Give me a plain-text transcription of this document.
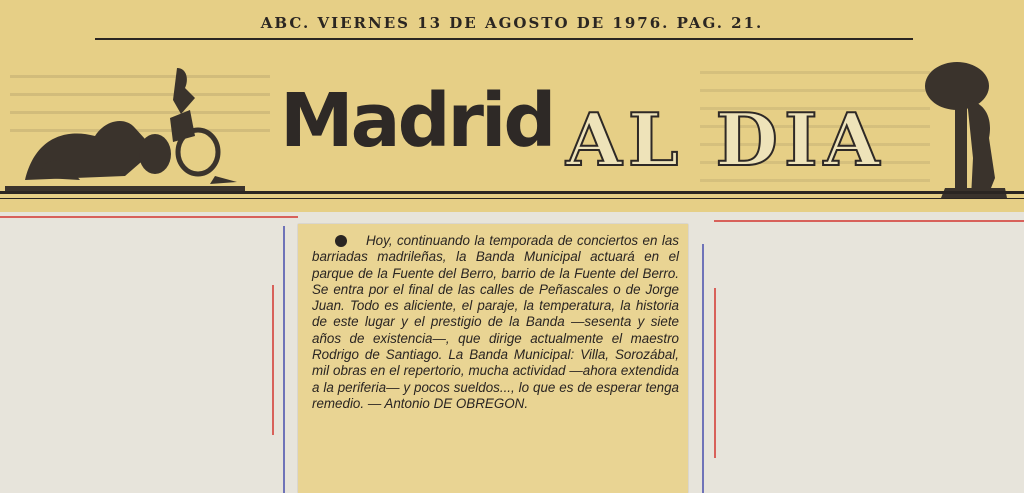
ABC. VIERNES 13 DE AGOSTO DE 1976. PAG. 21.
Madrid AL DIA

Hoy, continuando la temporada de conciertos en las barriadas madrileñas, la Banda Municipal actuará en el parque de la Fuente del Berro, barrio de la Fuente del Berro. Se entra por el final de las calles de Peñascales o de Jorge Juan. Todo es aliciente, el paraje, la temperatura, la historia de este lugar y el prestigio de la Banda —sesenta y siete años de existencia—, que dirige actualmente el maestro Rodrigo de Santiago. La Banda Municipal: Villa, Sorozábal, mil obras en el repertorio, mucha actividad —ahora extendida a la periferia— y pocos sueldos..., lo que es de esperar tenga remedio. — Antonio DE OBREGON.
